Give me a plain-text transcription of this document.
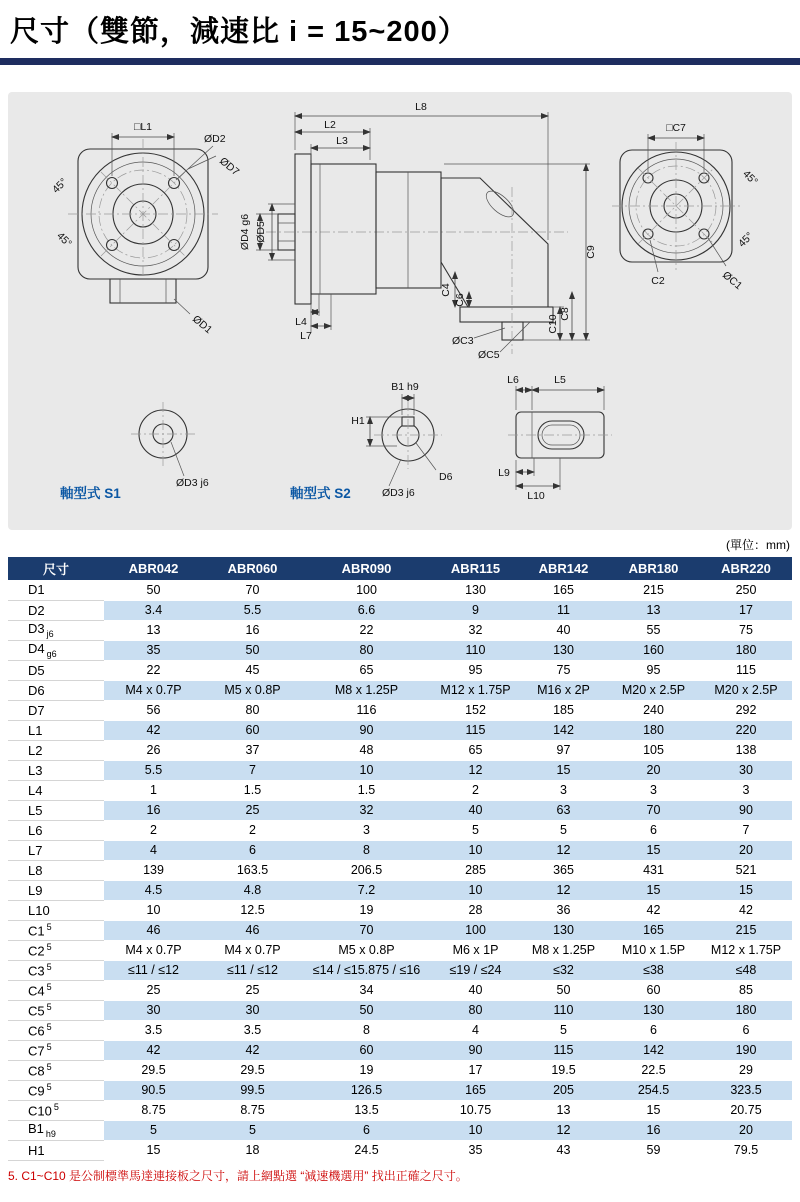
尺寸（雙節，減速比 i = 15~200）
□L1
ØD2
ØD7
45°
45°
ØD1
L8
L2
L3
ØD4 g6 ØD5
L4
L7
C4
C6
ØC3
ØC5
C10
C8
C9
□C7
C2	ØC1
45°
45°
ØD3 j6
軸型式 S1
H1
B1 h9
D6
ØD3 j6
軸型式 S2
L6	L5
L9
L10
(單位：mm)
尺寸	ABR042	ABR060	ABR090	ABR115	ABR142	ABR180	ABR220
D1	50	70	100	130	165	215	250
D2	3.4	5.5	6.6	9	11	13	17
D3 $_{j6}$	13	16	22	32	40	55	75
D4 $_{g6}$	35	50	80	110	130	160	180
D5	22	45	65	95	75	95	115
D6	M4 x 0.7P	M5 x 0.8P	M8 x 1.25P	M12 x 1.75P	M16 x 2P	M20 x 2.5P	M20 x 2.5P
D7	56	80	116	152	185	240	292
L1	42	60	90	115	142	180	220
L2	26	37	48	65	97	105	138
L3	5.5	7	10	12	15	20	30
L4	1	1.5	1.5	2	3	3	3
L5	16	25	32	40	63	70	90
L6	2	2	3	5	5	6	7
L7	4	6	8	10	12	15	20
L8	139	163.5	206.5	285	365	431	521
L9	4.5	4.8	7.2	10	12	15	15
L10	10	12.5	19	28	36	42	42
C1 $^5$	46	46	70	100	130	165	215
C2 $^5$	M4 x 0.7P	M4 x 0.7P	M5 x 0.8P	M6 x 1P	M8 x 1.25P	M10 x 1.5P	M12 x 1.75P
C3 $^5$	≤11 / ≤12	≤11 / ≤12	≤14 / ≤15.875 / ≤16	≤19 / ≤24	≤32	≤38	≤48
C4 $^5$	25	25	34	40	50	60	85
C5 $^5$	30	30	50	80	110	130	180
C6 $^5$	3.5	3.5	8	4	5	6	6
C7 $^5$	42	42	60	90	115	142	190
C8 $^5$	29.5	29.5	19	17	19.5	22.5	29
C9 $^5$	90.5	99.5	126.5	165	205	254.5	323.5
C10 $^5$	8.75	8.75	13.5	10.75	13	15	20.75
B1 $_{h9}$	5	5	6	10	12	16	20
H1	15	18	24.5	35	43	59	79.5
5. C1~C10 是公制標準馬達連接板之尺寸，請上網點選 “減速機選用” 找出正確之尺寸。
